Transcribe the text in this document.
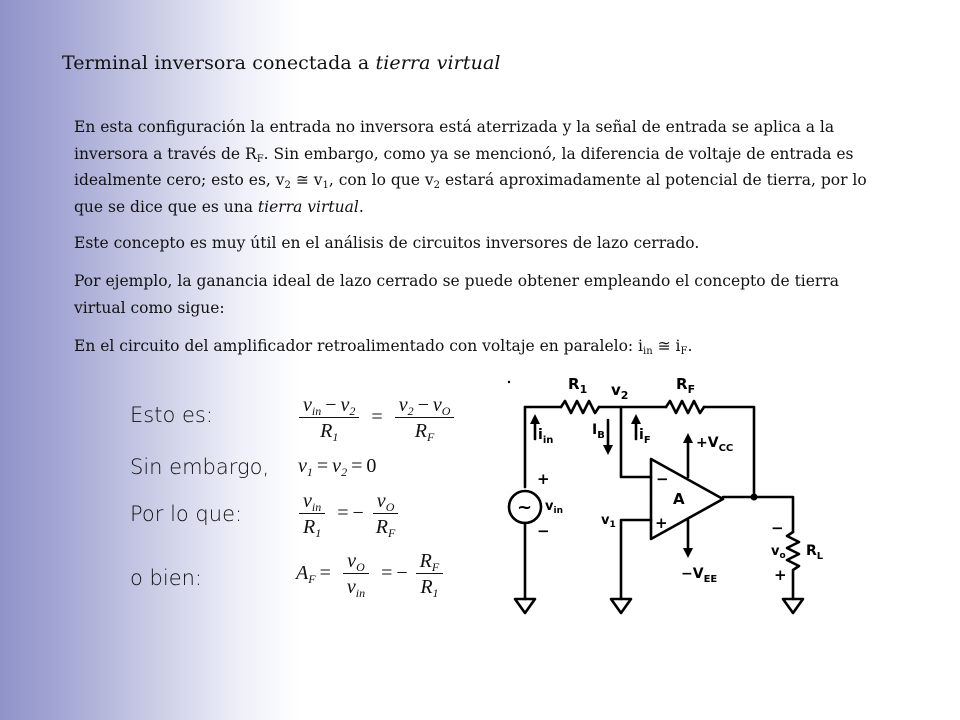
Terminal inversora conectada a tierra virtual

En esta configuración la entrada no inversora está aterrizada y la señal de entrada se aplica a la inversora a través de $R_F$. Sin embargo, como ya se mencionó, la diferencia de voltaje de entrada es idealmente cero; esto es, $v_2$ ≅ $v_1$, con lo que $v_2$ estará aproximadamente al potencial de tierra, por lo que se dice que es una tierra virtual.

Este concepto es muy útil en el análisis de circuitos inversores de lazo cerrado.

Por ejemplo, la ganancia ideal de lazo cerrado se puede obtener empleando el concepto de tierra virtual como sigue:

En el circuito del amplificador retroalimentado con voltaje en paralelo: $i_{in}$ ≅ $i_F$.

Esto es:
Sin embargo,
Por lo que:
o bien:
$\frac{v_{in} - v_2}{R_1} = \frac{v_2 - v_O}{R_F}$
$v_1 = v_2 = 0$
$\frac{v_{in}}{R_1}$ = − $\frac{v_O}{R_F}$
$A_F = \frac{v_O}{v_{in}}$ = − $\frac{R_F}{R_1}$
$R_1$ $v_2$
$R_F$
$i_{in}$
$I_B$ $i_F$	$+V_{CC}$
$-V_{EE}$
A
−
+
+
−
~ $v_{in}$
$v_1$	−
$v_o$ $R_L$
+
